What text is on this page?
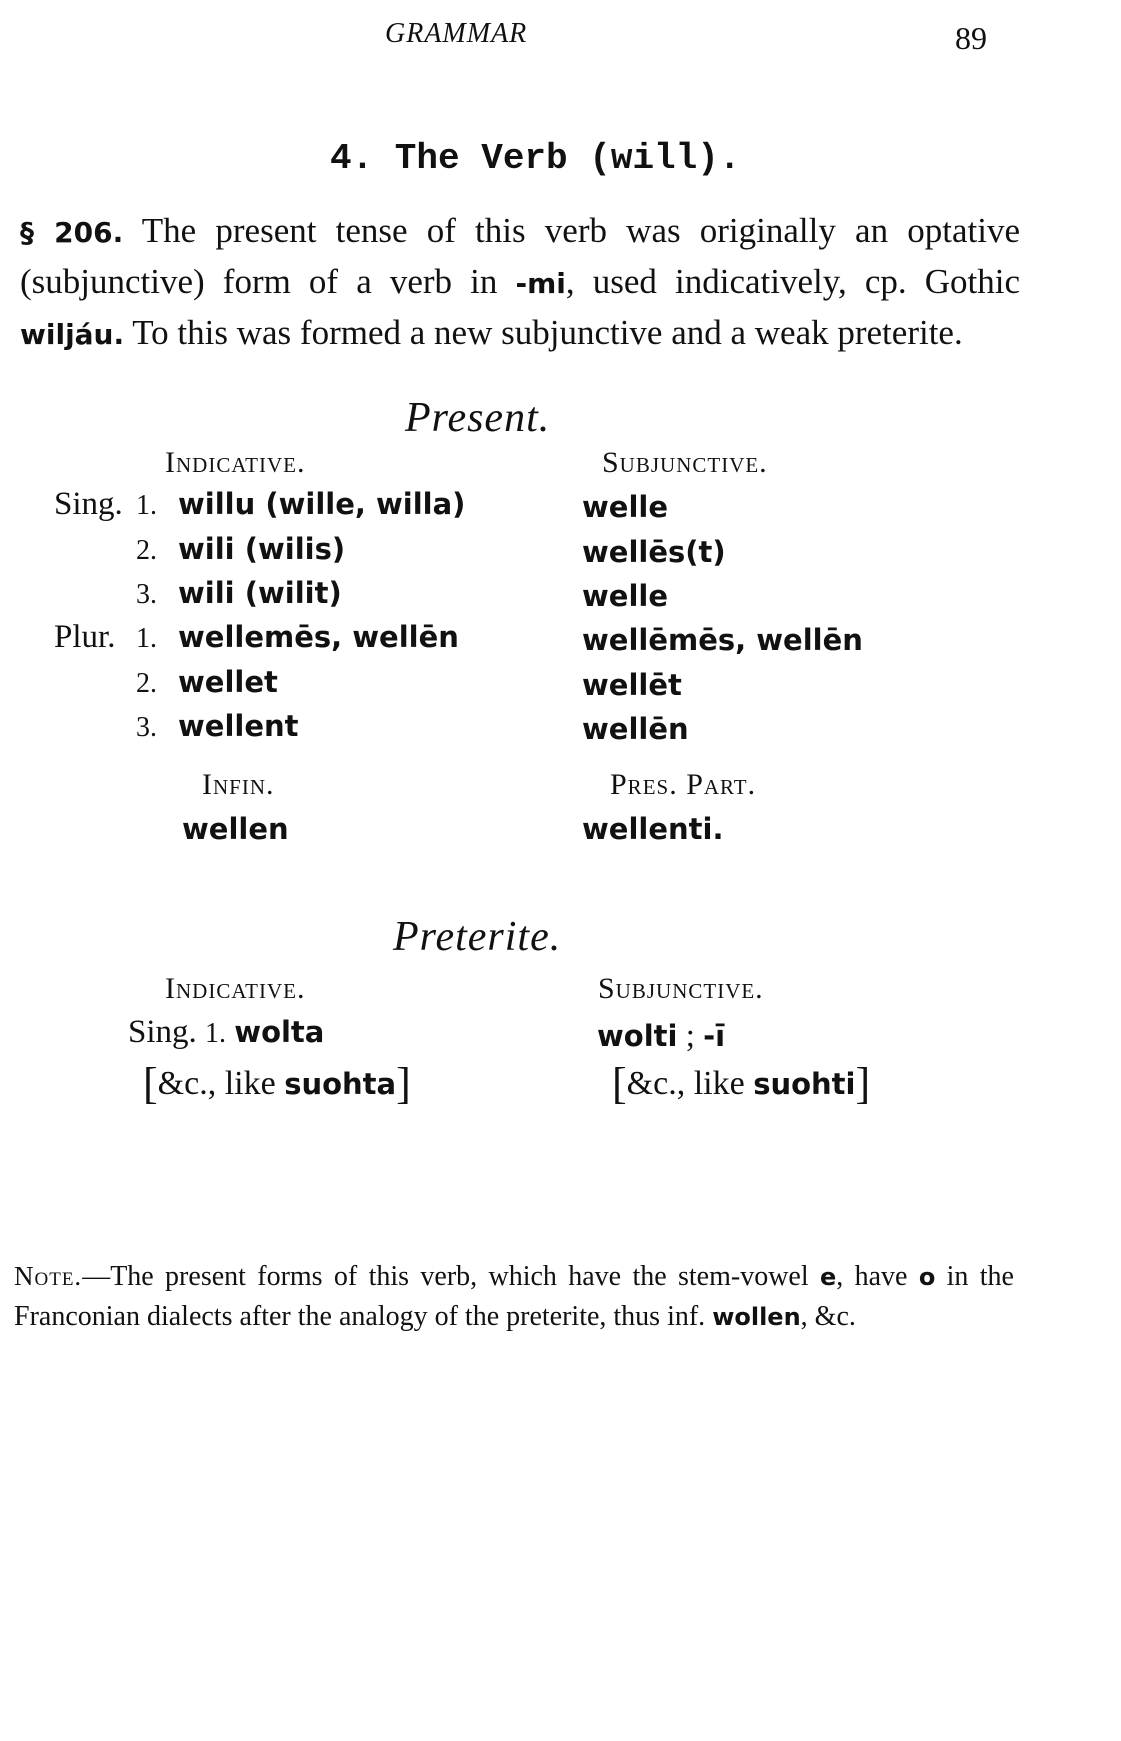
GRAMMAR	89
4. The Verb (will).
§ 206. The present tense of this verb was originally an optative (subjunctive) form of a verb in -mi, used indicatively, cp. Gothic wiljáu. To this was formed a new subjunctive and a weak preterite.
Present.
Indicative.	Subjunctive.
Sing. 1. willu (wille, willa)	welle
2. wili (wilis)	wellēs(t)
3. wili (wilit)	welle
Plur. 1. wellemēs, wellēn	wellēmēs, wellēn
2. wellet	wellēt
3. wellent	wellēn
Infin.	Pres. Part.
wellen	wellenti.
Preterite.
Indicative.	Subjunctive.
Sing. 1. wolta	wolti ; -ī
[&c., like suohta]	[&c., like suohti]
Note.—The present forms of this verb, which have the stem-vowel e, have o in the Franconian dialects after the analogy of the preterite, thus inf. wollen, &c.
